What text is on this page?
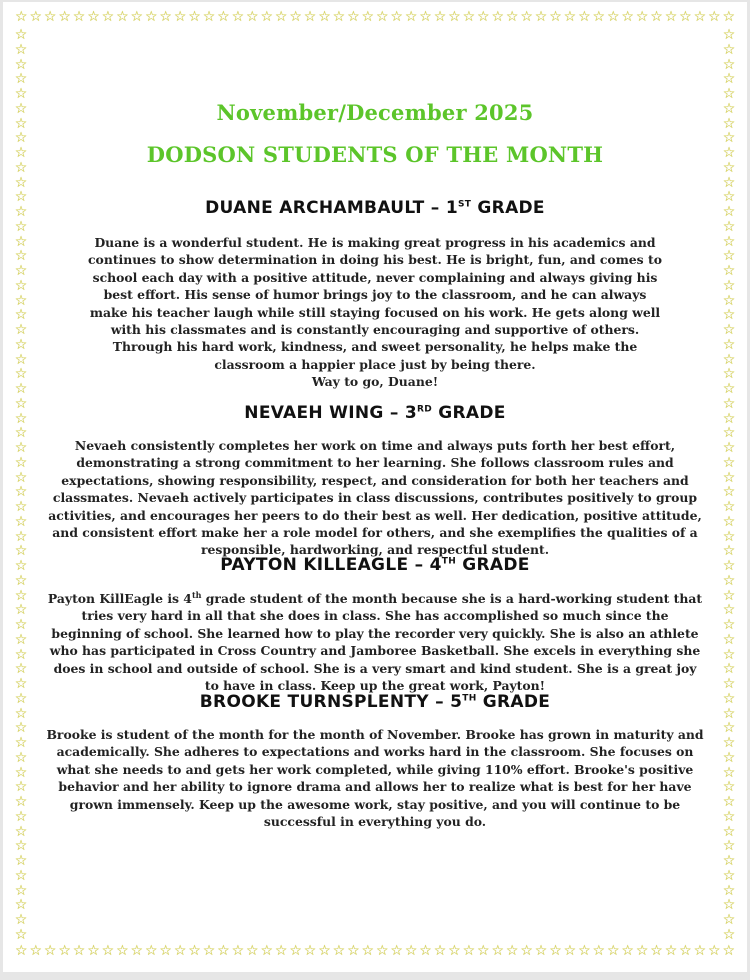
☆ ☆ ☆ ☆ ☆ ☆ ☆ ☆ ☆ ☆ ☆ ☆ ☆ ☆ ☆ ☆ ☆ ☆ ☆ ☆ ☆ ☆ ☆ ☆ ☆ ☆ ☆ ☆ ☆ ☆ ☆ ☆ ☆ ☆ ☆ ☆ ☆ ☆ ☆ ☆ ☆ ☆ ☆ ☆ ☆ ☆ ☆ ☆ ☆ ☆
☆ ☆ ☆ ☆ ☆ ☆ ☆ ☆ ☆ ☆ ☆ ☆ ☆ ☆ ☆ ☆ ☆ ☆ ☆ ☆ ☆ ☆ ☆ ☆ ☆ ☆ ☆ ☆ ☆ ☆ ☆ ☆ ☆ ☆ ☆ ☆ ☆ ☆ ☆ ☆ ☆ ☆ ☆ ☆ ☆ ☆ ☆ ☆ ☆ ☆
☆
☆
☆
☆
☆
☆
☆
☆
☆
☆
☆
☆
☆
☆
☆
☆
☆
☆
☆
☆
☆
☆
☆
☆
☆
☆
☆
☆
☆
☆
☆
☆
☆
☆
☆
☆
☆
☆
☆
☆
☆
☆
☆
☆
☆
☆
☆
☆
☆
☆
☆
☆
☆
☆
☆
☆
☆
☆
☆
☆
☆
☆
☆
☆
☆
☆
☆
☆
☆
☆
☆
☆
☆
☆
☆
☆
☆
☆
☆
☆
☆
☆
☆
☆
☆
☆
☆
☆
☆
☆
☆
☆
☆
☆
☆
☆
☆
☆
☆
☆
☆
☆
☆
☆
☆
☆
☆
☆
☆
☆
☆
☆
☆
☆
☆
☆
☆
☆
☆
☆
☆
☆
☆
☆
November/December 2025
DODSON STUDENTS OF THE MONTH
DUANE ARCHAMBAULT – 1ST GRADE
Duane is a wonderful student. He is making great progress in his academics and continues to show determination in doing his best. He is bright, fun, and comes to school each day with a positive attitude, never complaining and always giving his best effort. His sense of humor brings joy to the classroom, and he can always make his teacher laugh while still staying focused on his work. He gets along well with his classmates and is constantly encouraging and supportive of others. Through his hard work, kindness, and sweet personality, he helps make the classroom a happier place just by being there.
Way to go, Duane!
NEVAEH WING – 3RD GRADE
Nevaeh consistently completes her work on time and always puts forth her best effort, demonstrating a strong commitment to her learning. She follows classroom rules and expectations, showing responsibility, respect, and consideration for both her teachers and classmates. Nevaeh actively participates in class discussions, contributes positively to group activities, and encourages her peers to do their best as well. Her dedication, positive attitude, and consistent effort make her a role model for others, and she exemplifies the qualities of a responsible, hardworking, and respectful student.
PAYTON KILLEAGLE – 4TH GRADE
Payton KillEagle is 4th grade student of the month because she is a hard-working student that tries very hard in all that she does in class. She has accomplished so much since the beginning of school. She learned how to play the recorder very quickly. She is also an athlete who has participated in Cross Country and Jamboree Basketball. She excels in everything she does in school and outside of school. She is a very smart and kind student. She is a great joy to have in class. Keep up the great work, Payton!
BROOKE TURNSPLENTY – 5TH GRADE
Brooke is student of the month for the month of November. Brooke has grown in maturity and academically. She adheres to expectations and works hard in the classroom. She focuses on what she needs to and gets her work completed, while giving 110% effort. Brooke's positive behavior and her ability to ignore drama and allows her to realize what is best for her have grown immensely. Keep up the awesome work, stay positive, and you will continue to be successful in everything you do.
